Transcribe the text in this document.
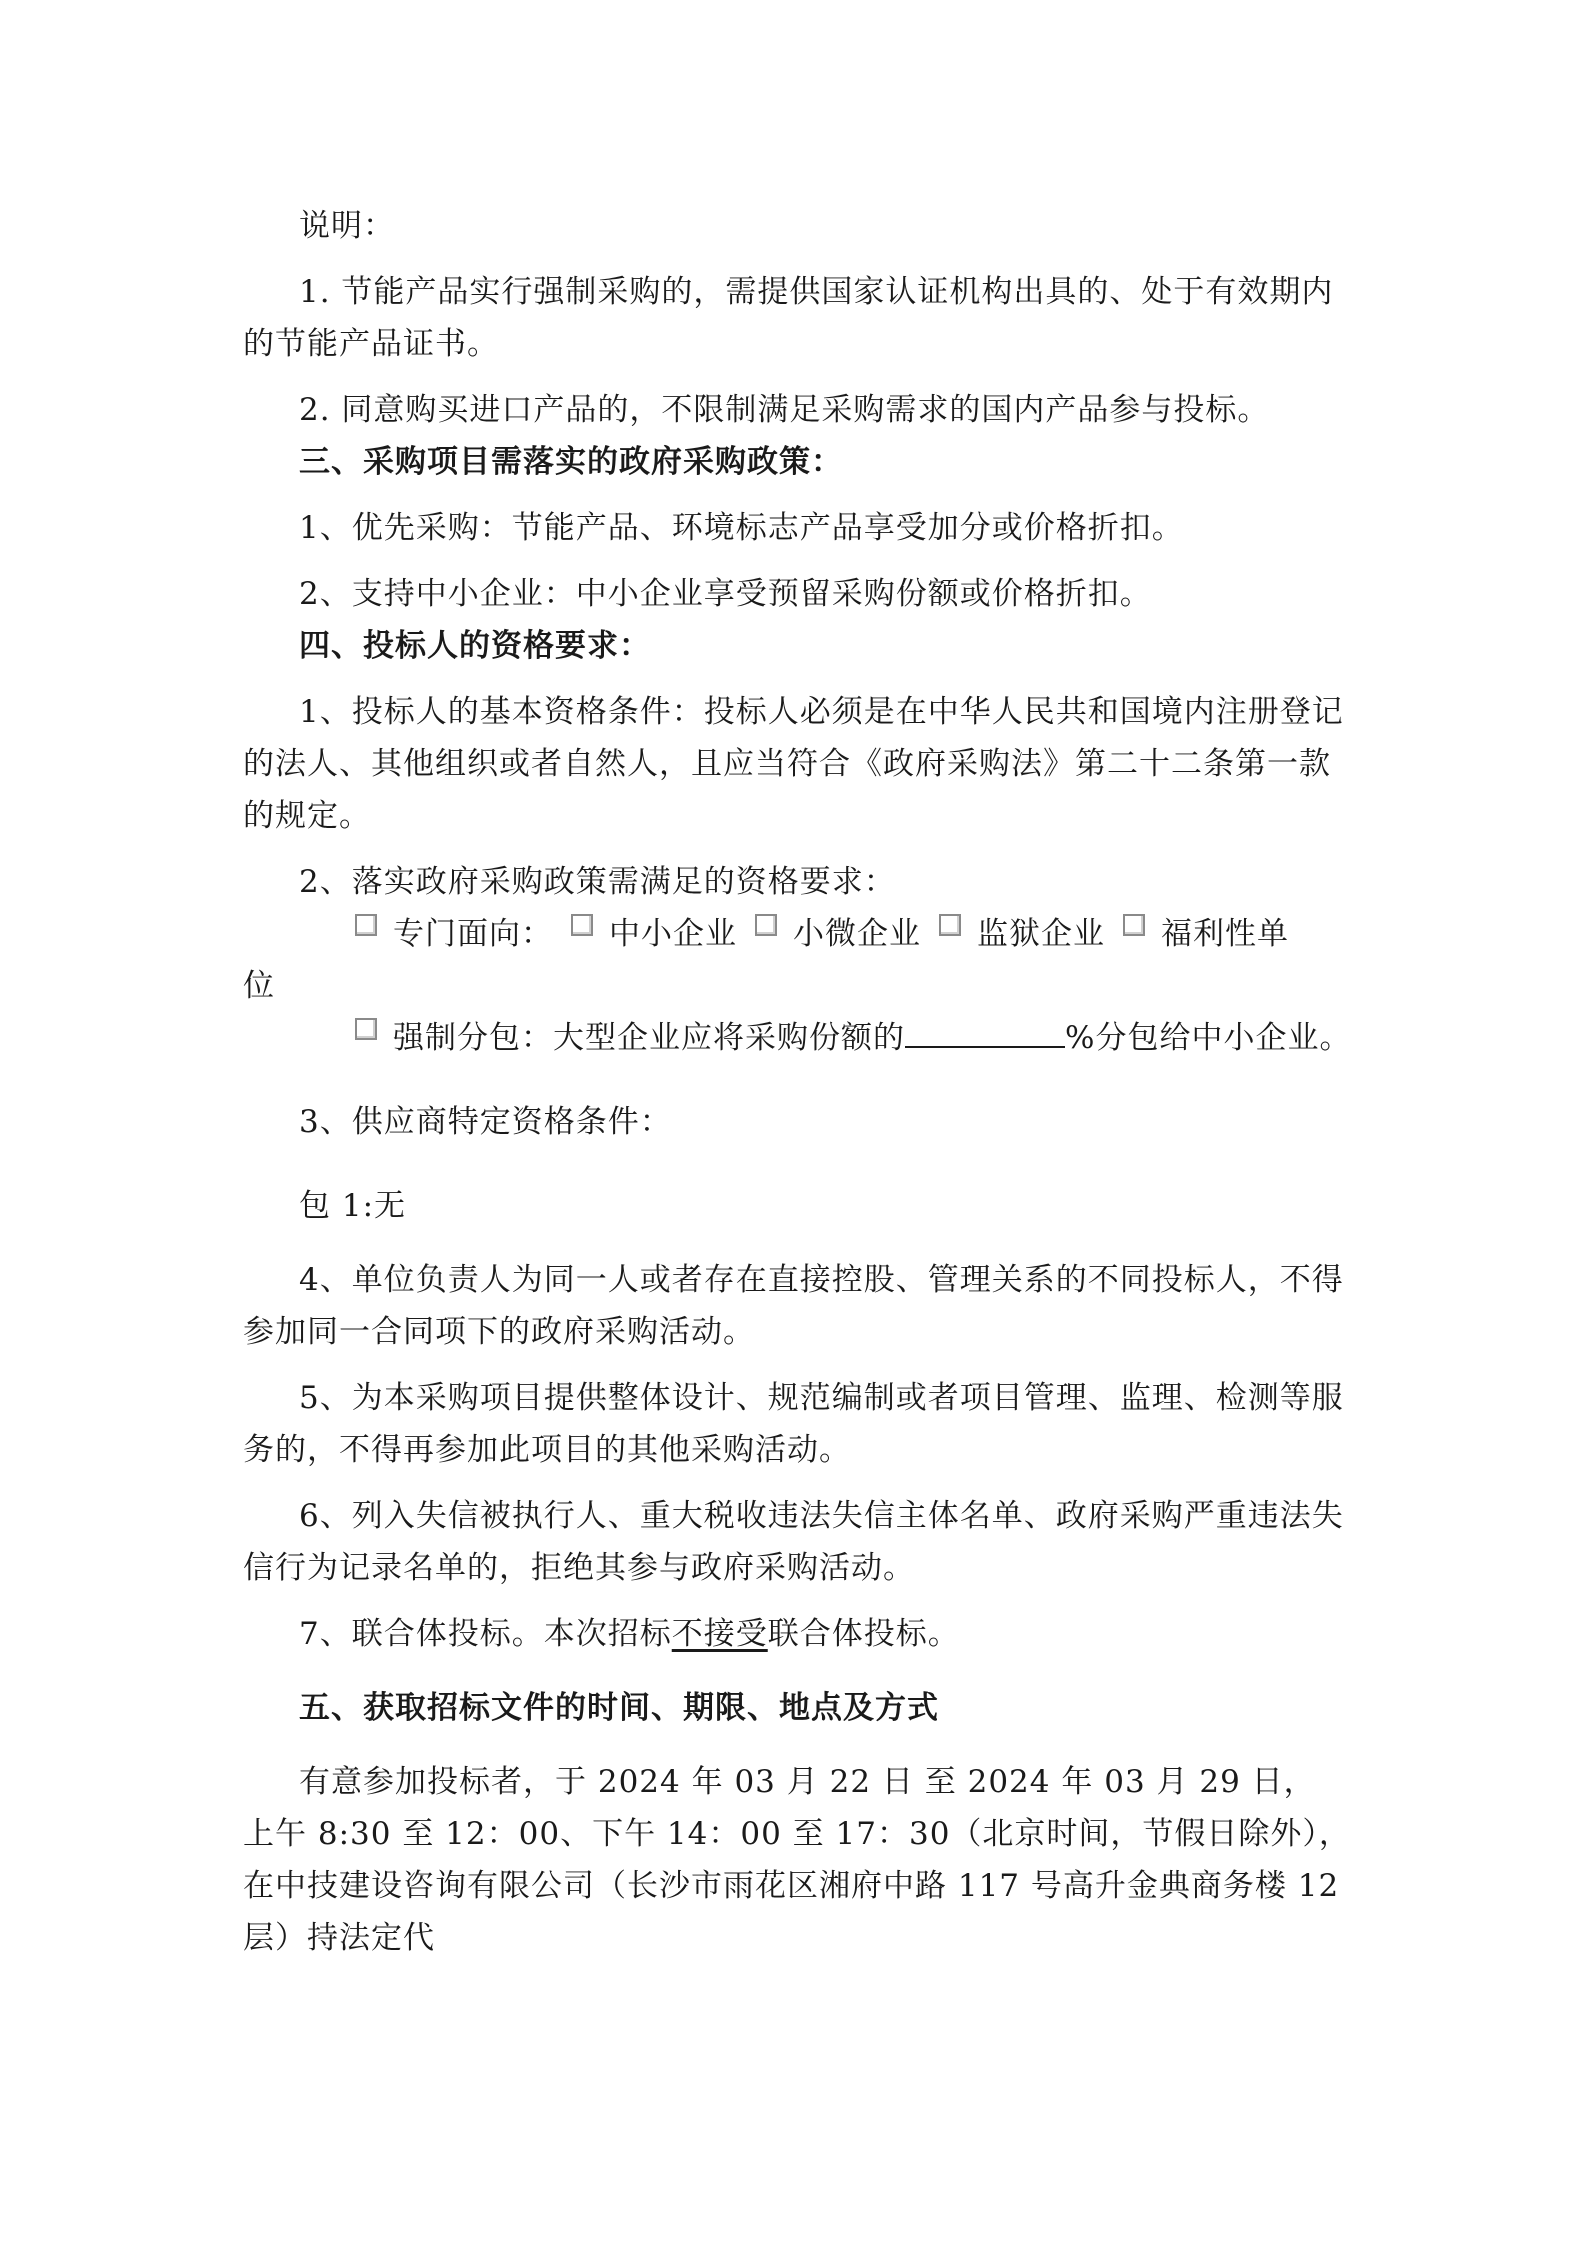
说明：

1. 节能产品实行强制采购的，需提供国家认证机构出具的、处于有效期内的节能产品证书。

2. 同意购买进口产品的，不限制满足采购需求的国内产品参与投标。

三、采购项目需落实的政府采购政策：

1、优先采购：节能产品、环境标志产品享受加分或价格折扣。

2、支持中小企业：中小企业享受预留采购份额或价格折扣。

四、投标人的资格要求：

1、投标人的基本资格条件：投标人必须是在中华人民共和国境内注册登记的法人、其他组织或者自然人，且应当符合《政府采购法》第二十二条第一款的规定。

2、落实政府采购政策需满足的资格要求：

专门面向： 中小企业 小微企业 监狱企业 福利性单

位

强制分包：大型企业应将采购份额的	%分包给中小企业。

3、供应商特定资格条件：

包 1:无

4、单位负责人为同一人或者存在直接控股、管理关系的不同投标人，不得参加同一合同项下的政府采购活动。

5、为本采购项目提供整体设计、规范编制或者项目管理、监理、检测等服务的，不得再参加此项目的其他采购活动。

6、列入失信被执行人、重大税收违法失信主体名单、政府采购严重违法失信行为记录名单的，拒绝其参与政府采购活动。

7、联合体投标。本次招标不接受联合体投标。

五、获取招标文件的时间、期限、地点及方式

有意参加投标者，于 2024 年 03 月 22 日 至 2024 年 03 月 29 日， 上午 8:30 至 12：00、下午 14：00 至 17：30（北京时间，节假日除外）， 在中技建设咨询有限公司（长沙市雨花区湘府中路 117 号高升金典商务楼 12 层）持法定代
